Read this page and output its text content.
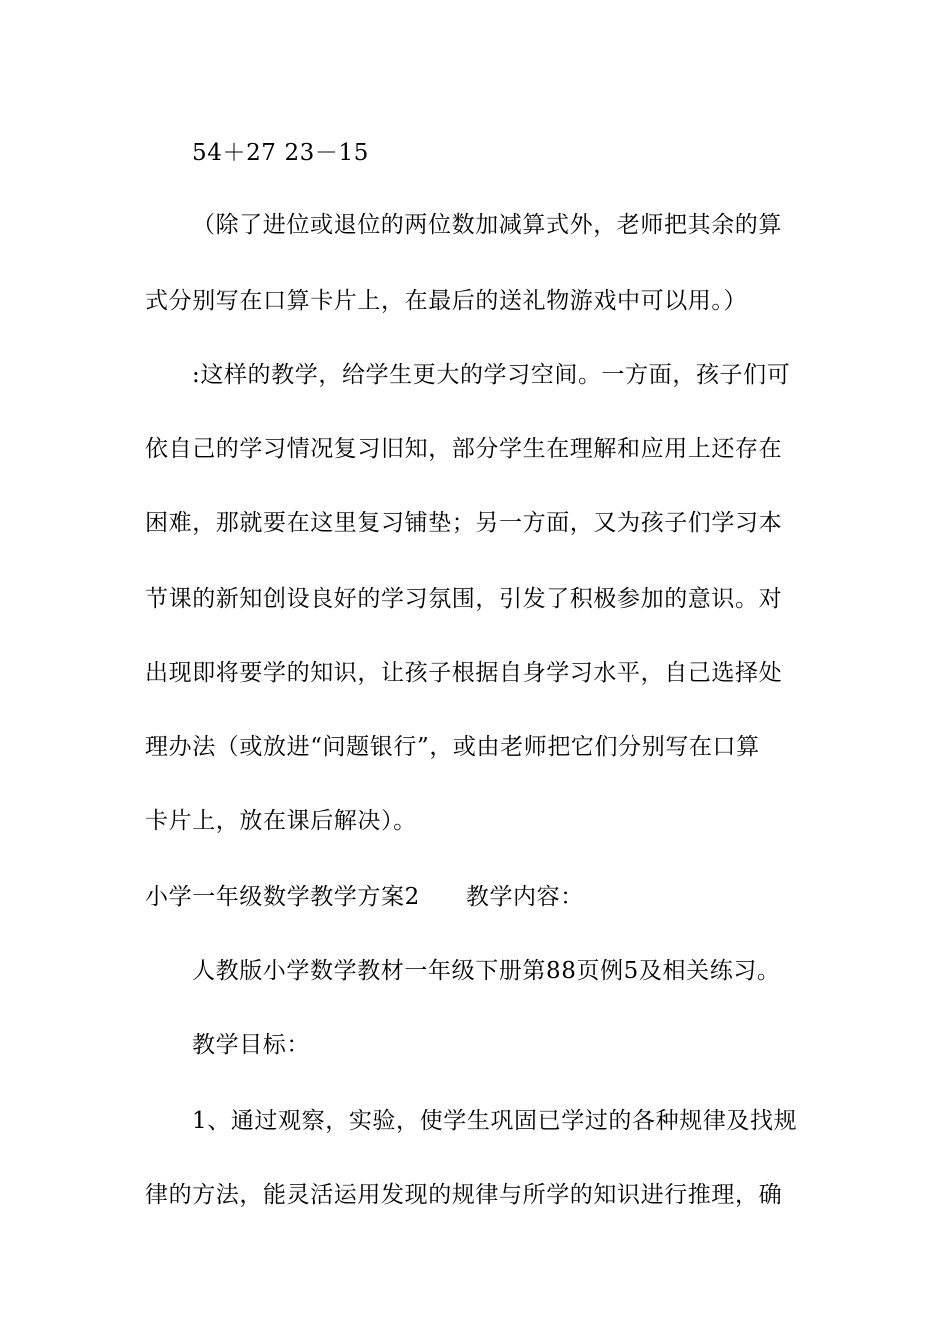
54＋27 23－15
（除了进位或退位的两位数加减算式外，老师把其余的算
式分别写在口算卡片上，在最后的送礼物游戏中可以用。）
:这样的教学，给学生更大的学习空间。一方面，孩子们可
依自己的学习情况复习旧知，部分学生在理解和应用上还存在
困难，那就要在这里复习铺垫；另一方面，又为孩子们学习本
节课的新知创设良好的学习氛围，引发了积极参加的意识。对
出现即将要学的知识，让孩子根据自身学习水平，自己选择处
理办法（或放进“问题银行”，或由老师把它们分别写在口算
卡片上，放在课后解决）。
小学一年级数学教学方案2 教学内容：
人教版小学数学教材一年级下册第88页例5及相关练习。
教学目标：
1、通过观察，实验，使学生巩固已学过的各种规律及找规
律的方法，能灵活运用发现的规律与所学的知识进行推理，确
